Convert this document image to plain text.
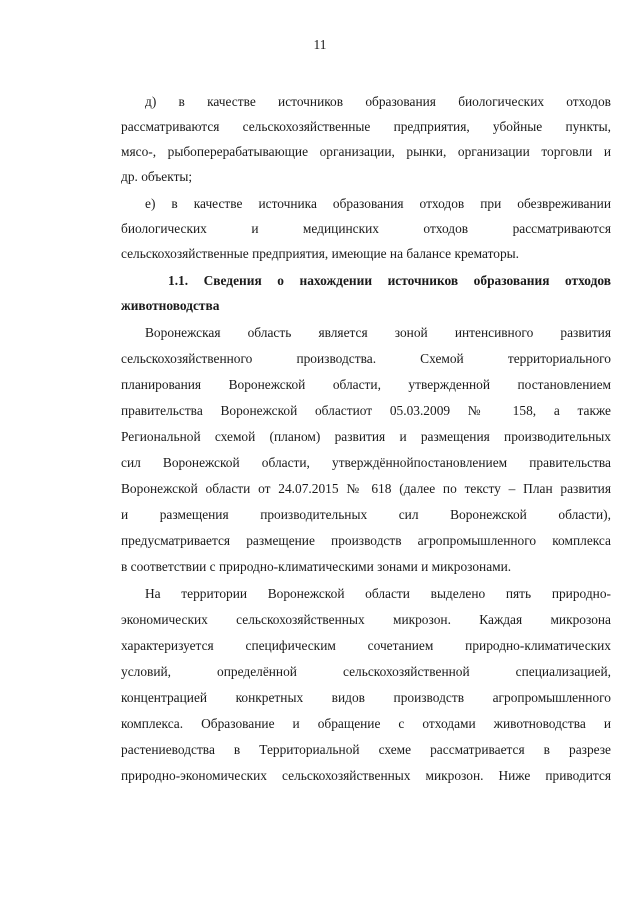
11
д) в качестве источников образования биологических отходов
рассматриваются сельскохозяйственные предприятия, убойные пункты,
мясо-, рыбоперерабатывающие организации, рынки, организации торговли и
др. объекты;
е) в качестве источника образования отходов при обезвреживании
биологических и медицинских отходов рассматриваются
сельскохозяйственные предприятия, имеющие на балансе крематоры.
1.1. Сведения о нахождении источников образования отходов
животноводства
Воронежская область является зоной интенсивного развития
сельскохозяйственного производства. Схемой территориального
планирования Воронежской области, утвержденной постановлением
правительства Воронежской областиот 05.03.2009 № 158, а также
Региональной схемой (планом) развития и размещения производительных
сил Воронежской области, утверждённойпостановлением правительства
Воронежской области от 24.07.2015 № 618 (далее по тексту – План развития
и размещения производительных сил Воронежской области),
предусматривается размещение производств агропромышленного комплекса
в соответствии с природно-климатическими зонами и микрозонами.
На территории Воронежской области выделено пять природно-
экономических сельскохозяйственных микрозон. Каждая микрозона
характеризуется специфическим сочетанием природно-климатических
условий, определённой сельскохозяйственной специализацией,
концентрацией конкретных видов производств агропромышленного
комплекса. Образование и обращение с отходами животноводства и
растениеводства в Территориальной схеме рассматривается в разрезе
природно-экономических сельскохозяйственных микрозон. Ниже приводится
